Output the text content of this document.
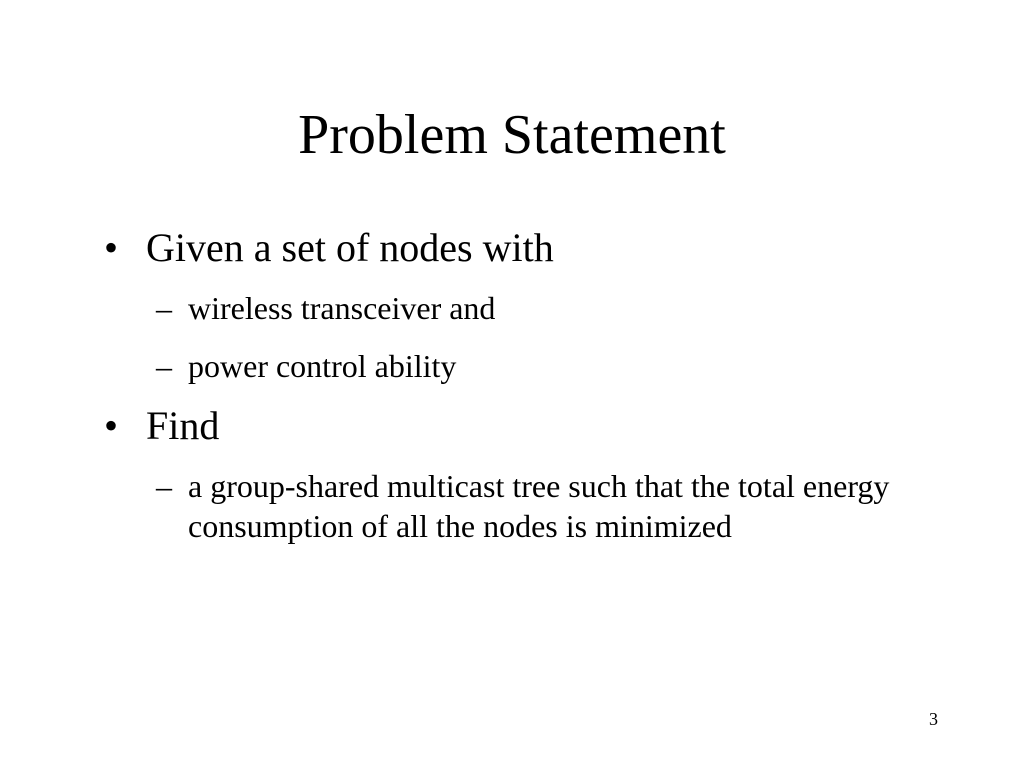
Problem Statement
• Given a set of nodes with
– wireless transceiver and
– power control ability
• Find
– a group-shared multicast tree such that the total energy consumption of all the nodes is minimized
3
